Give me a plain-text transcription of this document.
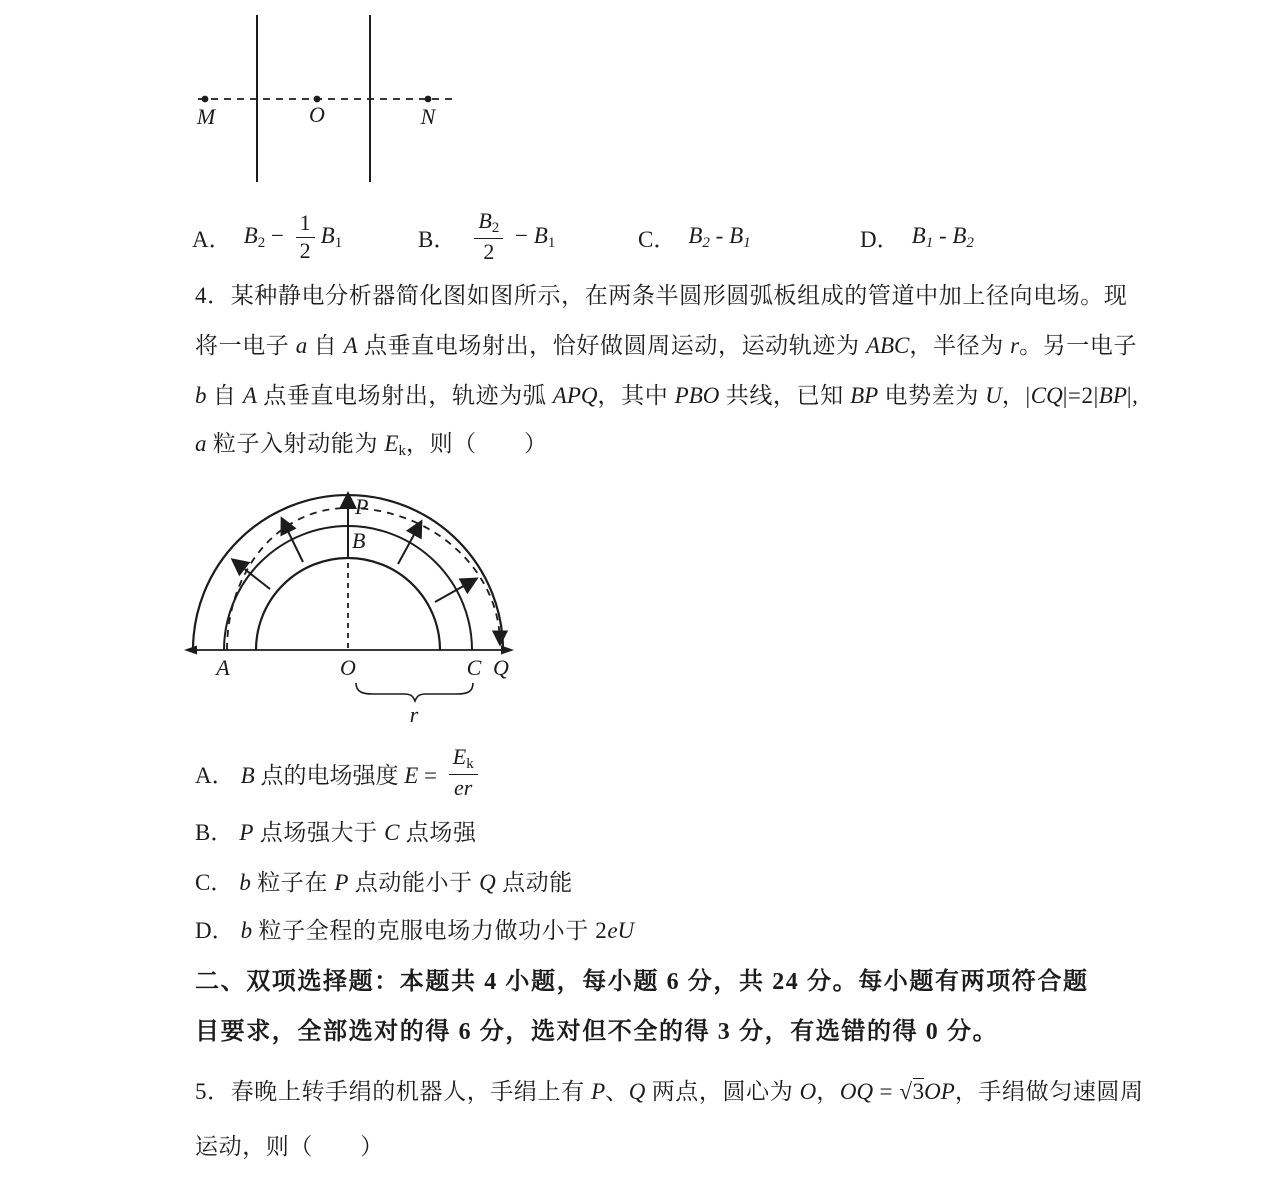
M	O	N
A． $B_2 - \frac{1}{2} B_1$	B． $\frac{B_2}{2} - B_1$	C． B2 - B1	D． B1 - B2
4．某种静电分析器简化图如图所示，在两条半圆形圆弧板组成的管道中加上径向电场。现
将一电子 a 自 A 点垂直电场射出，恰好做圆周运动，运动轨迹为 ABC，半径为 r。另一电子
b 自 A 点垂直电场射出，轨迹为弧 APQ，其中 PBO 共线，已知 BP 电势差为 U，|CQ|=2|BP|,
a 粒子入射动能为 $E_k$，则（　　）
P
B
A	O	C Q
r
A． B 点的电场强度 $E = \frac{E_k}{er}$
B． P 点场强大于 C 点场强
C． b 粒子在 P 点动能小于 Q 点动能
D． b 粒子全程的克服电场力做功小于 2eU
二、双项选择题：本题共 4 小题，每小题 6 分，共 24 分。每小题有两项符合题
目要求，全部选对的得 6 分，选对但不全的得 3 分，有选错的得 0 分。
5．春晚上转手绢的机器人，手绢上有 P、Q 两点，圆心为 O，OQ = √3OP，手绢做匀速圆周
运动，则（　　）
